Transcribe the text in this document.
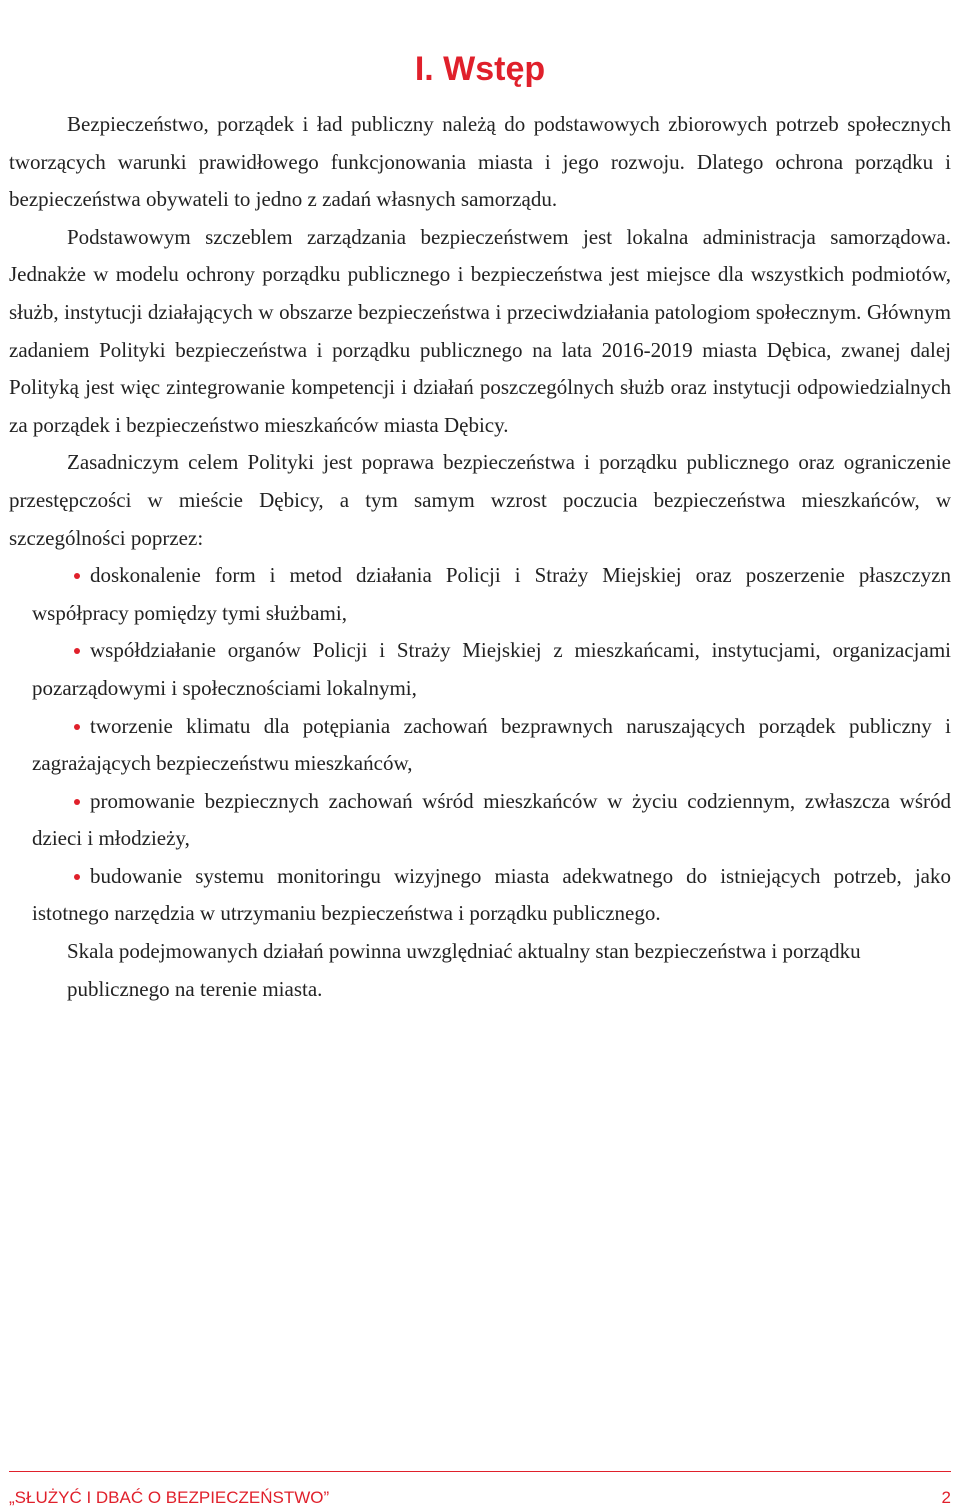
I. Wstęp

Bezpieczeństwo, porządek i ład publiczny należą do podstawowych zbiorowych potrzeb społecznych tworzących warunki prawidłowego funkcjonowania miasta i jego rozwoju. Dlatego ochrona porządku i bezpieczeństwa obywateli to jedno z zadań własnych samorządu.

Podstawowym szczeblem zarządzania bezpieczeństwem jest lokalna administracja samorządowa. Jednakże w modelu ochrony porządku publicznego i bezpieczeństwa jest miejsce dla wszystkich podmiotów, służb, instytucji działających w obszarze bezpieczeństwa i przeciwdziałania patologiom społecznym. Głównym zadaniem Polityki bezpieczeństwa i porządku publicznego na lata 2016-2019 miasta Dębica, zwanej dalej Polityką jest więc zintegrowanie kompetencji i działań poszczególnych służb oraz instytucji odpowiedzialnych za porządek i bezpieczeństwo mieszkańców miasta Dębicy.

Zasadniczym celem Polityki jest poprawa bezpieczeństwa i porządku publicznego oraz ograniczenie przestępczości w mieście Dębicy, a tym samym wzrost poczucia bezpieczeństwa mieszkańców, w szczególności poprzez:

doskonalenie form i metod działania Policji i Straży Miejskiej oraz poszerzenie płaszczyzn współpracy pomiędzy tymi służbami,
współdziałanie organów Policji i Straży Miejskiej z mieszkańcami, instytucjami, organizacjami pozarządowymi i społecznościami lokalnymi,
tworzenie klimatu dla potępiania zachowań bezprawnych naruszających porządek publiczny i zagrażających bezpieczeństwu mieszkańców,
promowanie bezpiecznych zachowań wśród mieszkańców w życiu codziennym, zwłaszcza wśród dzieci i młodzieży,
budowanie systemu monitoringu wizyjnego miasta adekwatnego do istniejących potrzeb, jako istotnego narzędzia w utrzymaniu bezpieczeństwa i porządku publicznego.

Skala podejmowanych działań powinna uwzględniać aktualny stan bezpieczeństwa i porządku publicznego na terenie miasta.

„SŁUŻYĆ I DBAĆ O BEZPIECZEŃSTWO”	2
